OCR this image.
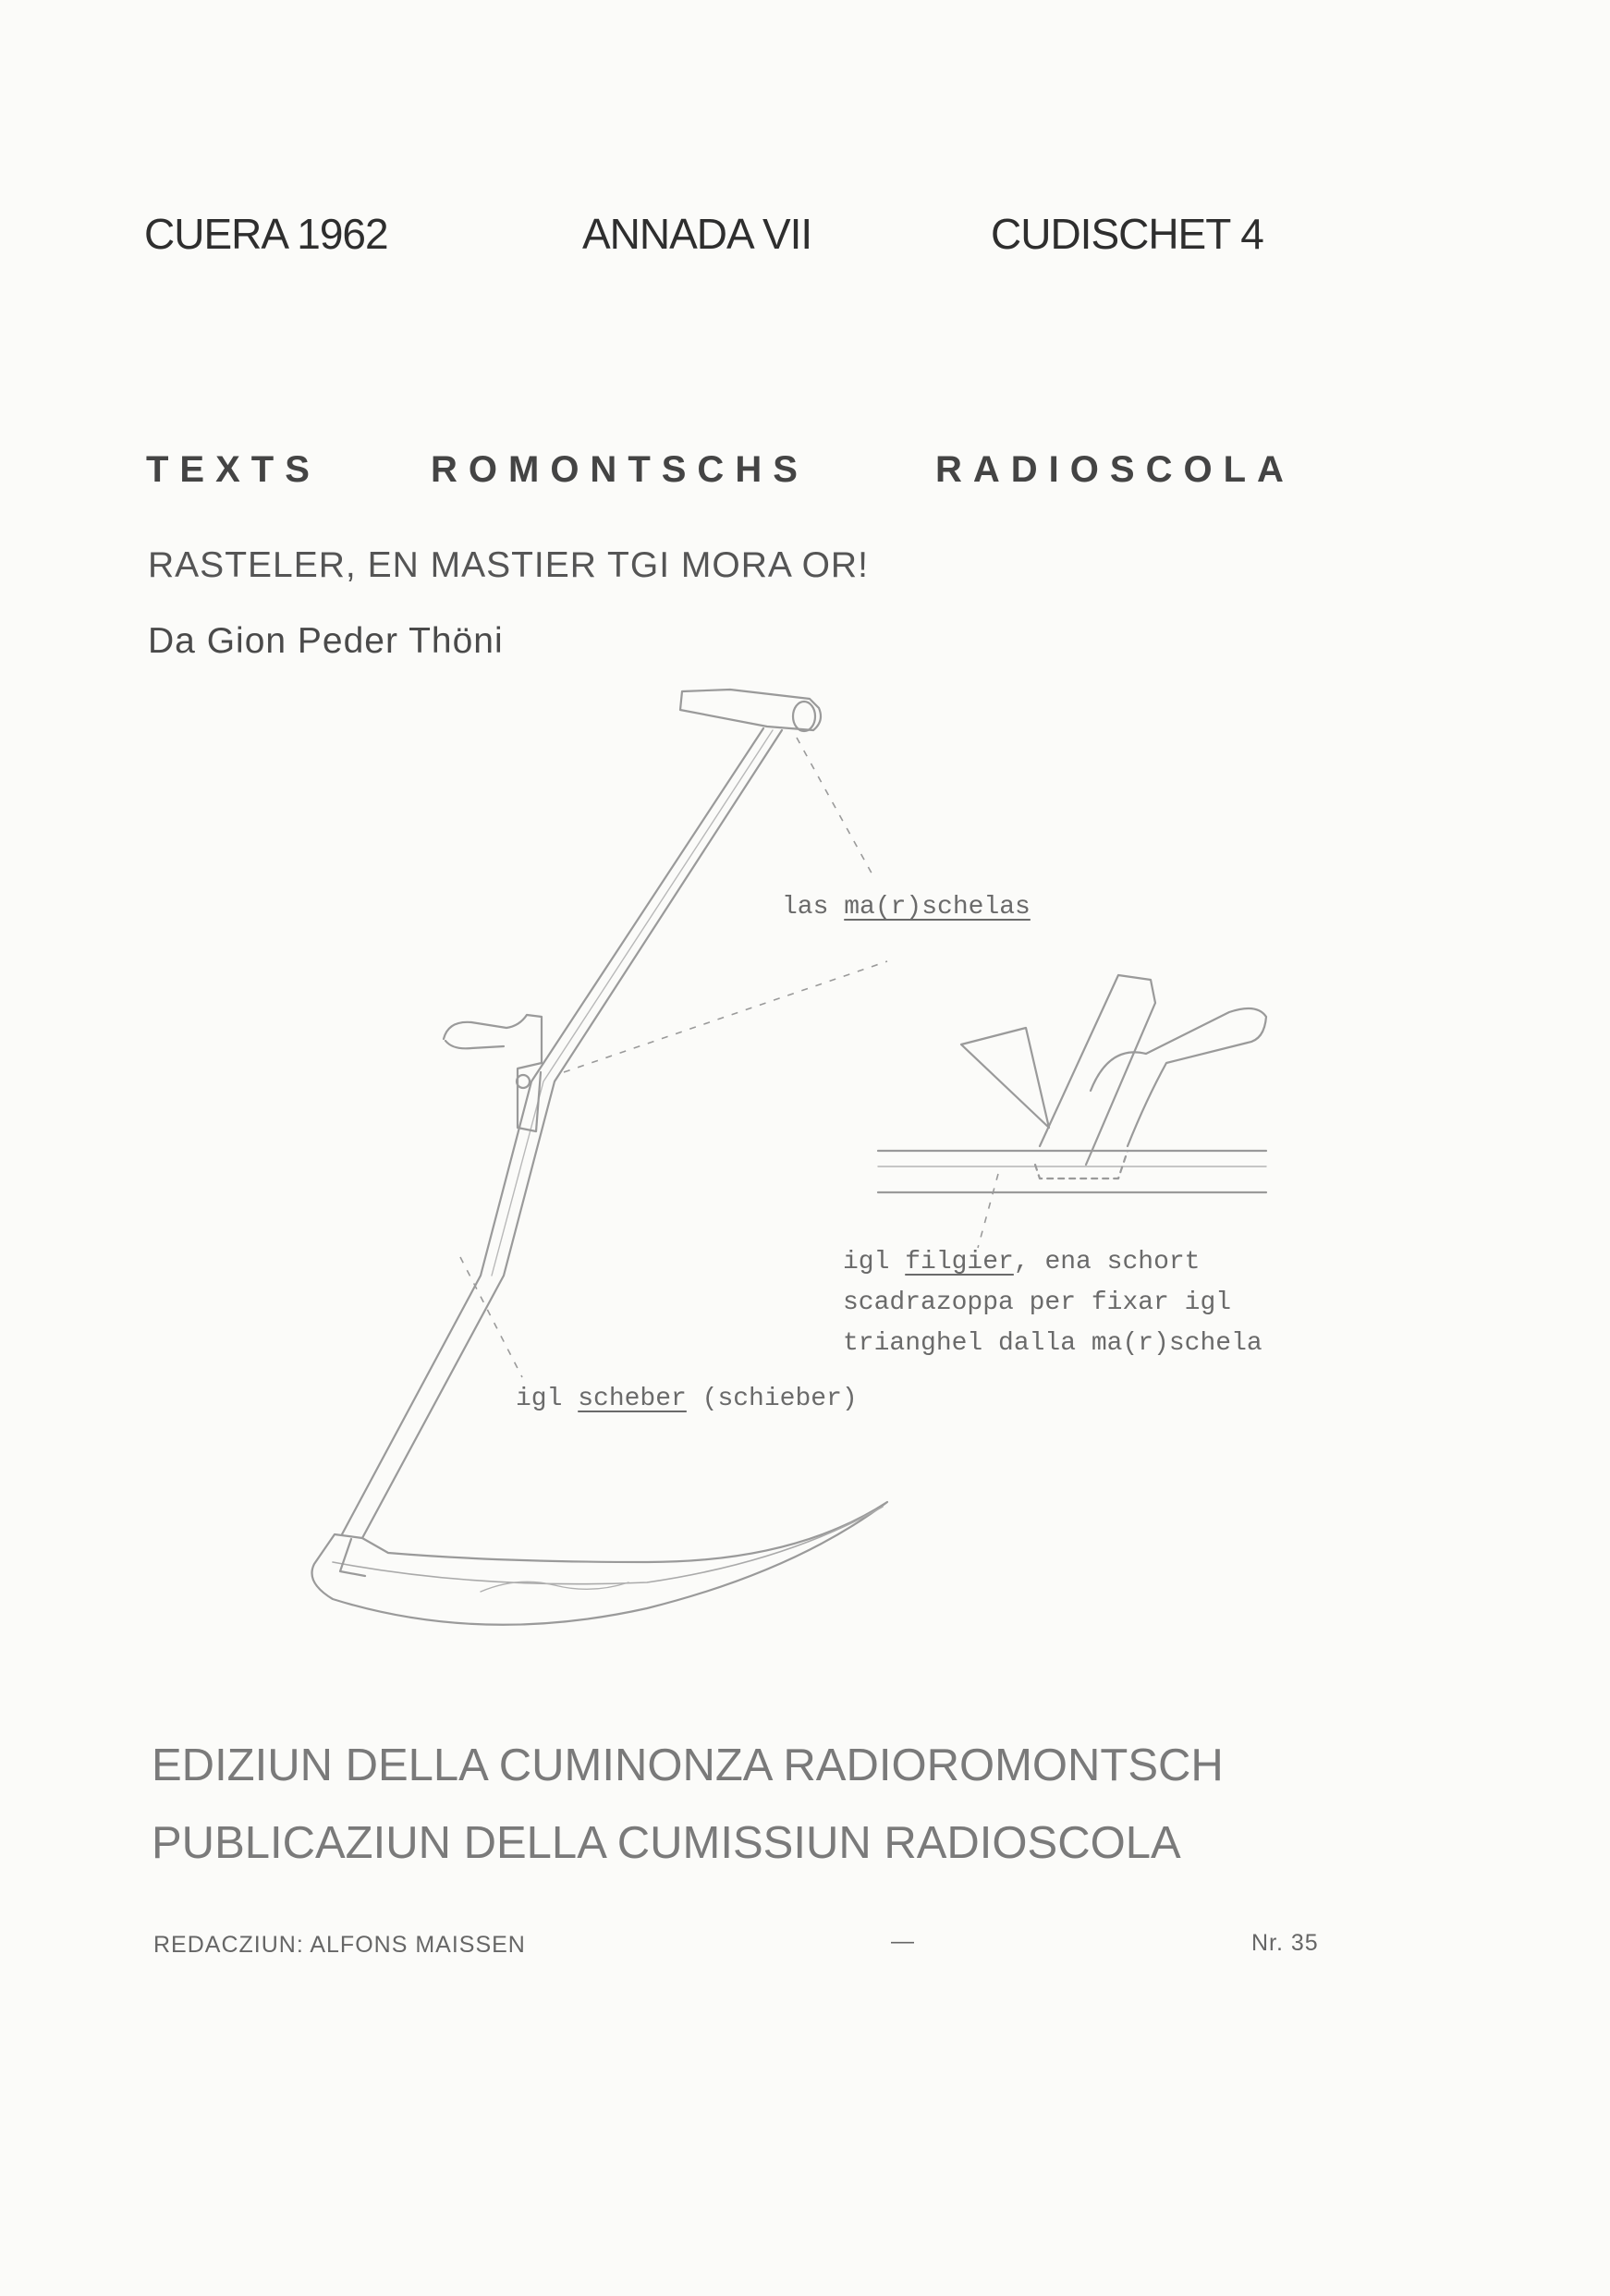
CUERA 1962	ANNADA VII	CUDISCHET 4
TEXTS	ROMONTSCHS	RADIOSCOLA
RASTELER, EN MASTIER TGI MORA OR!
Da Gion Peder Thöni
las ma(r)schelas
igl filgier, ena schort
scadrazoppa per fixar igl
trianghel dalla ma(r)schela
igl scheber (schieber)
EDIZIUN DELLA CUMINONZA RADIOROMONTSCH
PUBLICAZIUN DELLA CUMISSIUN RADIOSCOLA
REDACZIUN: ALFONS MAISSEN	—	Nr. 35
